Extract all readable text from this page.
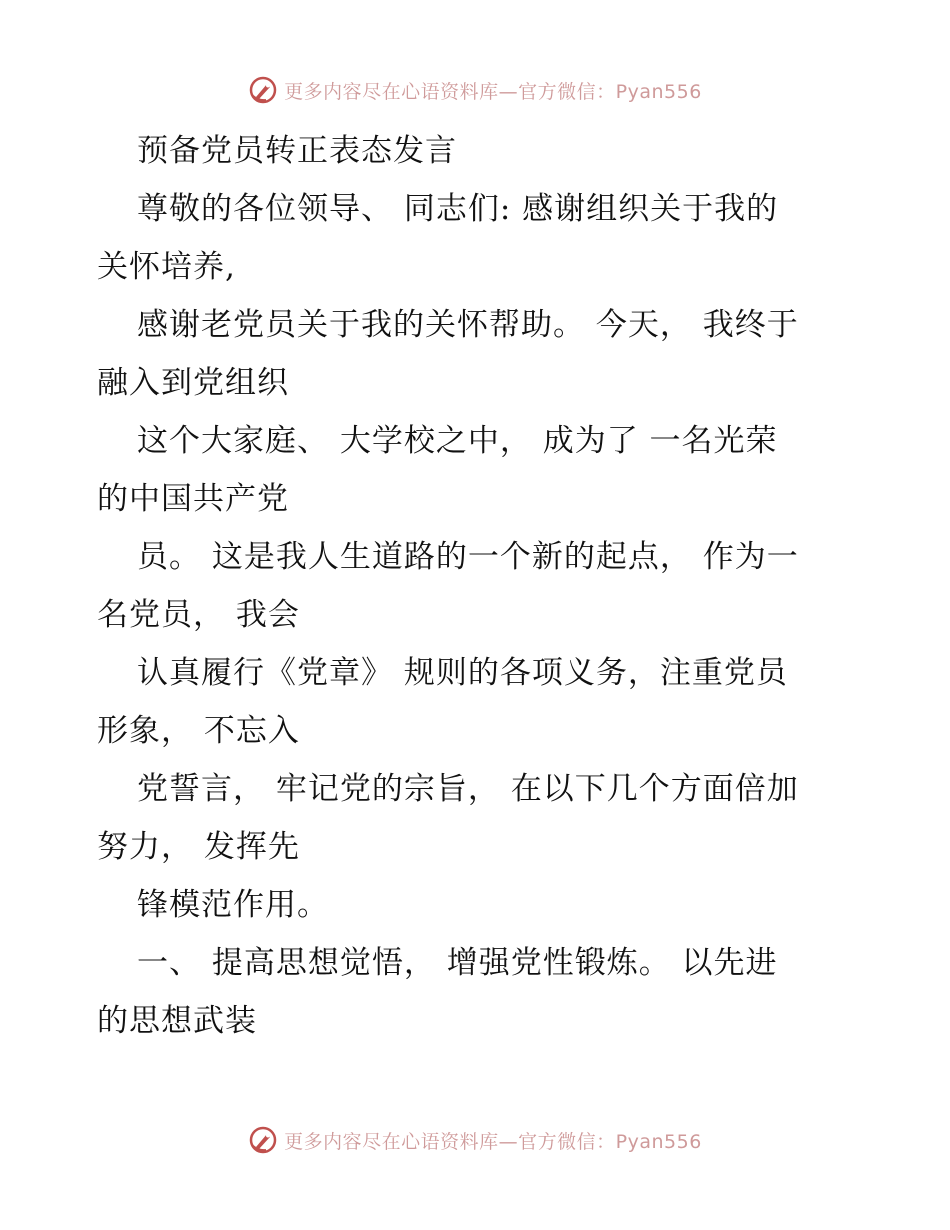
更多内容尽在心语资料库—官方微信：Pyan556

预备党员转正表态发言

尊敬的各位领导、 同志们: 感谢组织关于我的

关怀培养,

感谢老党员关于我的关怀帮助。 今天， 我终于

融入到党组织

这个大家庭、 大学校之中， 成为了 一名光荣

的中国共产党

员。 这是我人生道路的一个新的起点， 作为一

名党员， 我会

认真履行《党章》 规则的各项义务，注重党员

形象， 不忘入

党誓言， 牢记党的宗旨， 在以下几个方面倍加

努力， 发挥先

锋模范作用。

一、 提高思想觉悟， 增强党性锻炼。 以先进

的思想武装

更多内容尽在心语资料库—官方微信：Pyan556
